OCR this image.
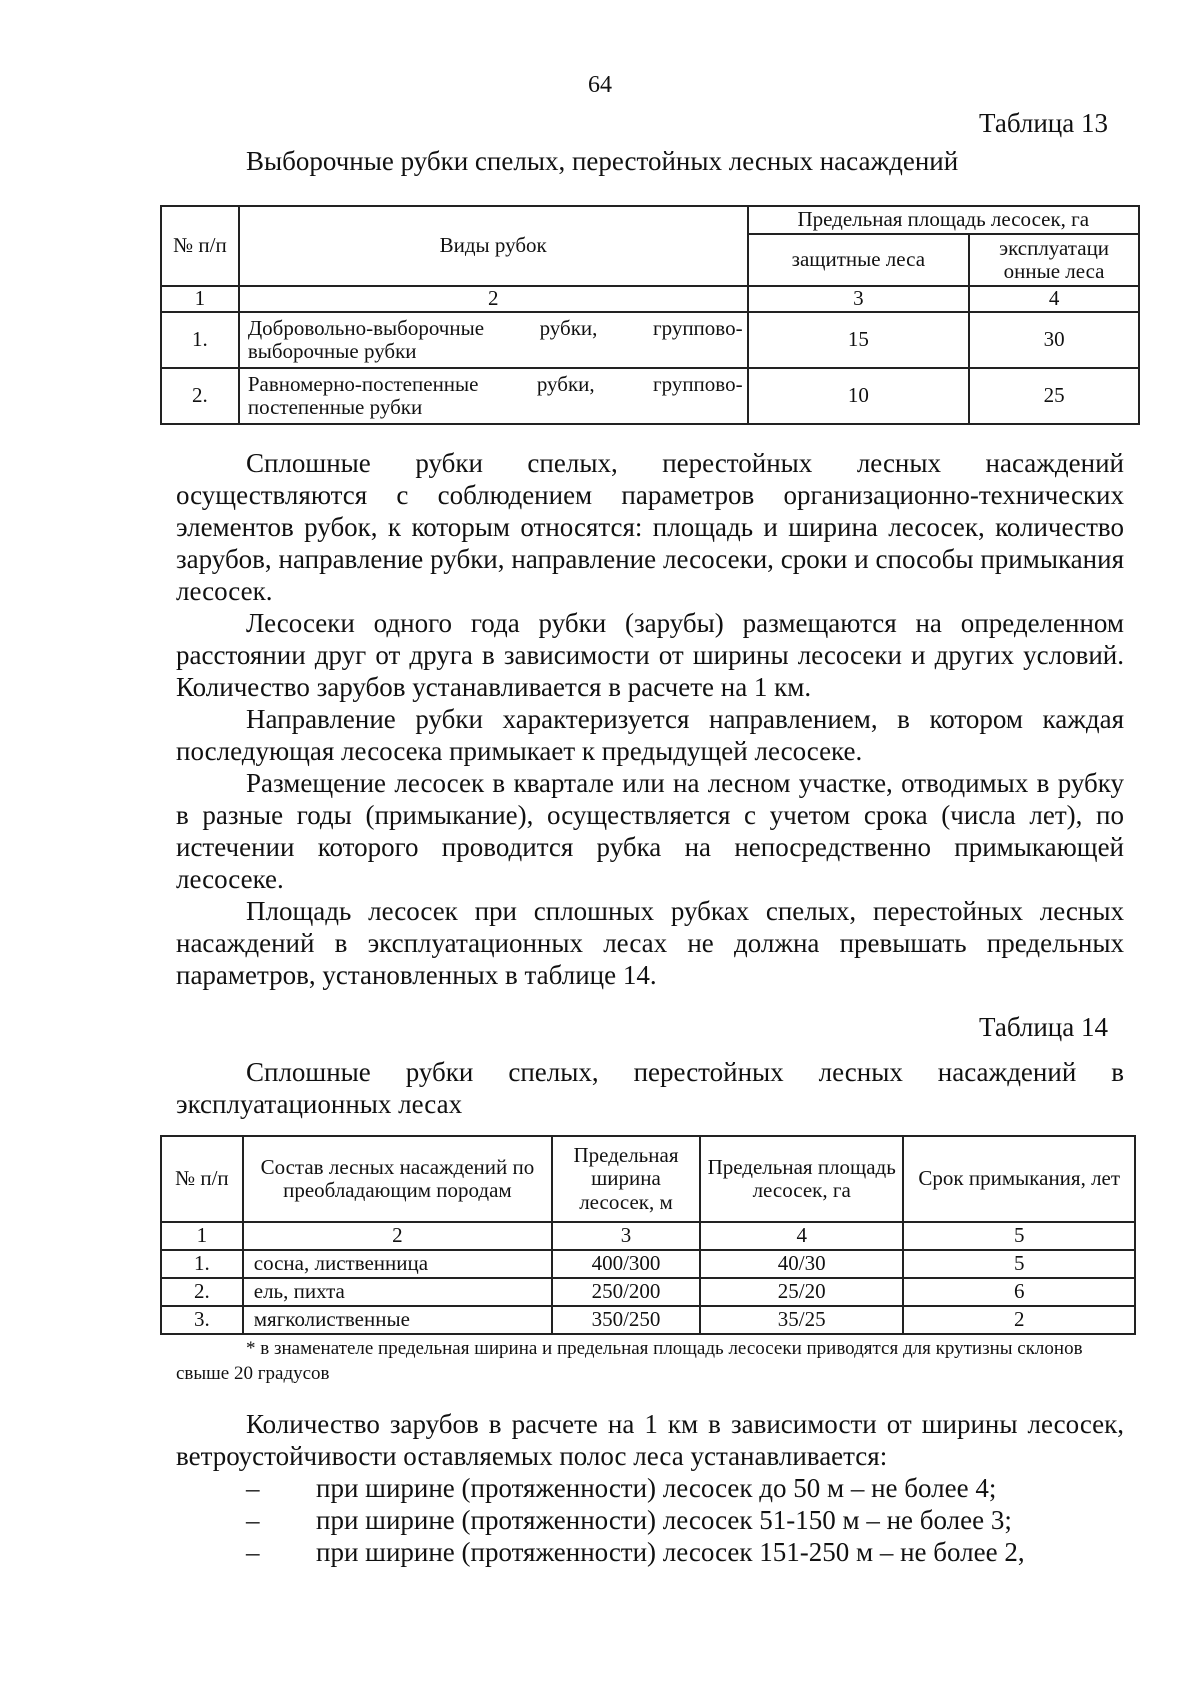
64
Таблица 13
Выборочные рубки спелых, перестойных лесных насаждений
№ п/п	Виды рубок	Предельная площадь лесосек, га	
		защитные леса	эксплуатаци онные леса
1	2	3	4
1.	Добровольно-выборочные рубки, группово-выборочные рубки	15	30
2.	Равномерно-постепенные рубки, группово-постепенные рубки	10	25

Сплошные рубки спелых, перестойных лесных насаждений осуществляются с соблюдением параметров организационно-технических элементов рубок, к которым относятся: площадь и ширина лесосек, количество зарубов, направление рубки, направление лесосеки, сроки и способы примыкания лесосек.

Лесосеки одного года рубки (зарубы) размещаются на определенном расстоянии друг от друга в зависимости от ширины лесосеки и других условий. Количество зарубов устанавливается в расчете на 1 км.

Направление рубки характеризуется направлением, в котором каждая последующая лесосека примыкает к предыдущей лесосеке.

Размещение лесосек в квартале или на лесном участке, отводимых в рубку в разные годы (примыкание), осуществляется с учетом срока (числа лет), по истечении которого проводится рубка на непосредственно примыкающей лесосеке.

Площадь лесосек при сплошных рубках спелых, перестойных лесных насаждений в эксплуатационных лесах не должна превышать предельных параметров, установленных в таблице 14.

Таблица 14

Сплошные рубки спелых, перестойных лесных насаждений в эксплуатационных лесах

№ п/п	Состав лесных насаждений по преобладающим породам	Предельная ширина лесосек, м	Предельная площадь лесосек, га	Срок примыкания, лет
1	2	3	4	5
1.	сосна, лиственница	400/300	40/30	5
2.	ель, пихта	250/200	25/20	6
3.	мягколиственные	350/250	35/25	2

* в знаменателе предельная ширина и предельная площадь лесосеки приводятся для крутизны склонов свыше 20 градусов

Количество зарубов в расчете на 1 км в зависимости от ширины лесосек, ветроустойчивости оставляемых полос леса устанавливается:

– при ширине (протяженности) лесосек до 50 м – не более 4;
– при ширине (протяженности) лесосек 51-150 м – не более 3;
– при ширине (протяженности) лесосек 151-250 м – не более 2,
